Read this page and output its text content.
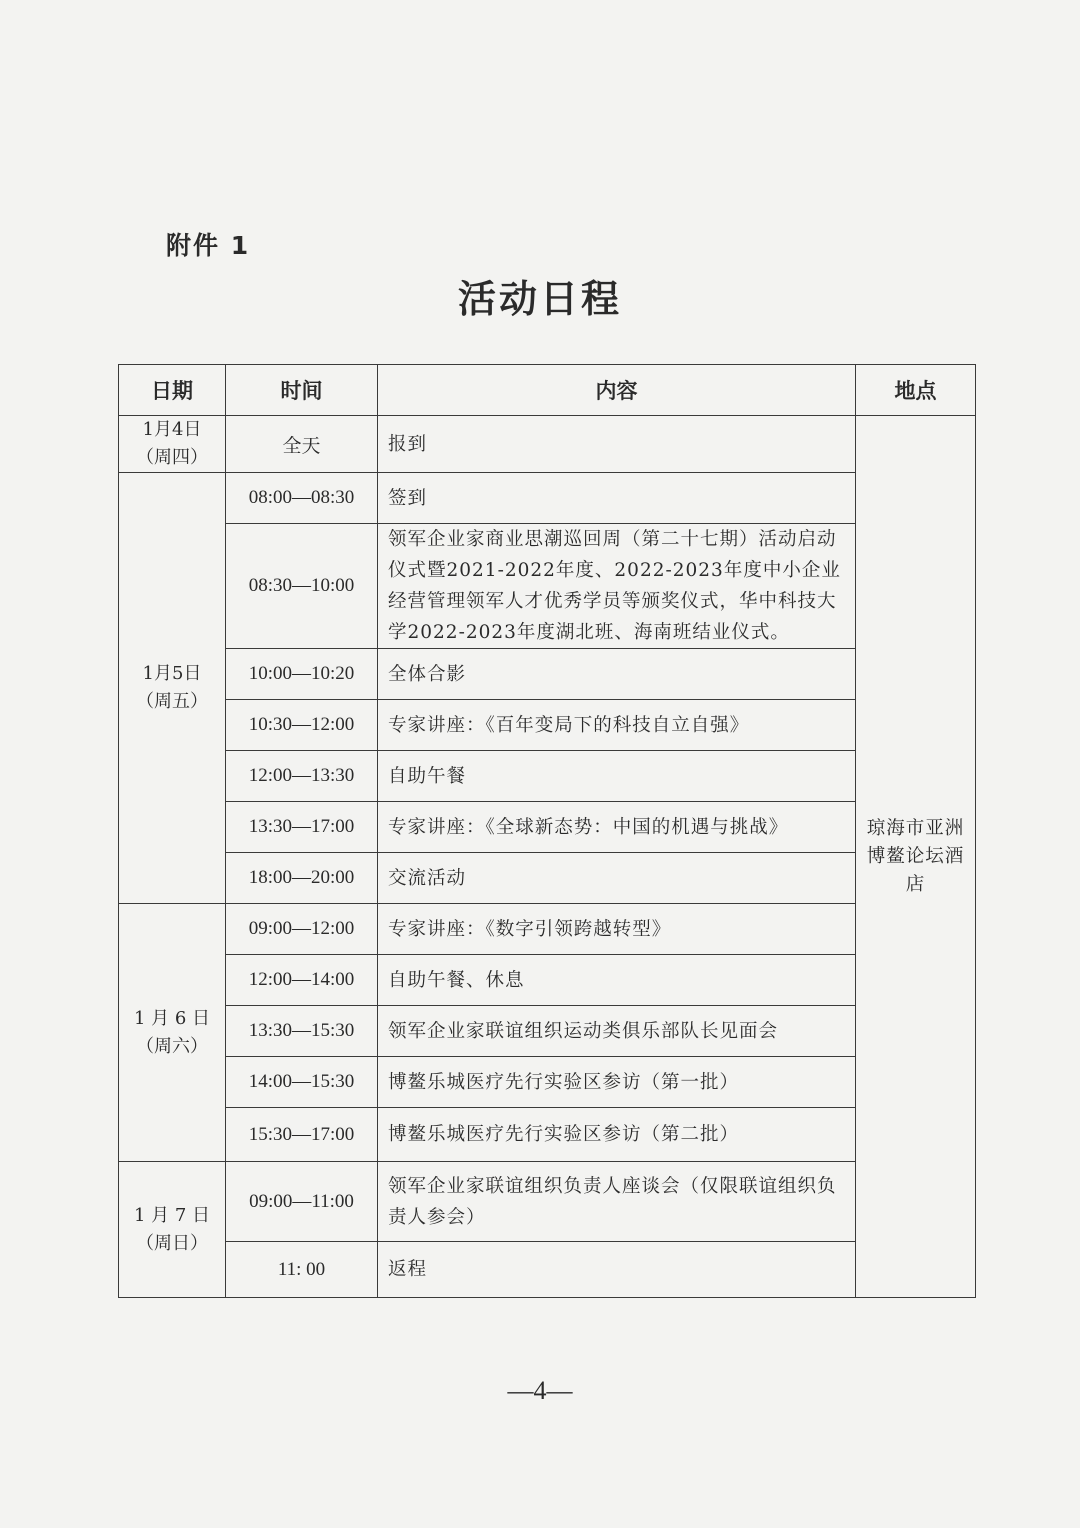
附件 1
活动日程
日期	时间	内容	地点

1月4日
（周四）	全天	报到	琼海市亚洲博鳌论坛酒店

1月5日
（周五）	08:00—08:30	签到	
	08:30—10:00	领军企业家商业思潮巡回周（第二十七期）活动启动仪式暨2021-2022年度、2022-2023年度中小企业经营管理领军人才优秀学员等颁奖仪式，华中科技大学2022-2023年度湖北班、海南班结业仪式。	
	10:00—10:20	全体合影	
	10:30—12:00	专家讲座：《百年变局下的科技自立自强》	
	12:00—13:30	自助午餐	
	13:30—17:00	专家讲座：《全球新态势：中国的机遇与挑战》	
	18:00—20:00	交流活动	

1 月 6 日
（周六）	09:00—12:00	专家讲座：《数字引领跨越转型》	
	12:00—14:00	自助午餐、休息	
	13:30—15:30	领军企业家联谊组织运动类俱乐部队长见面会	
	14:00—15:30	博鳌乐城医疗先行实验区参访（第一批）	
	15:30—17:00	博鳌乐城医疗先行实验区参访（第二批）	

1 月 7 日
（周日）	09:00—11:00	领军企业家联谊组织负责人座谈会（仅限联谊组织负责人参会）	
	11: 00	返程	
—4—
